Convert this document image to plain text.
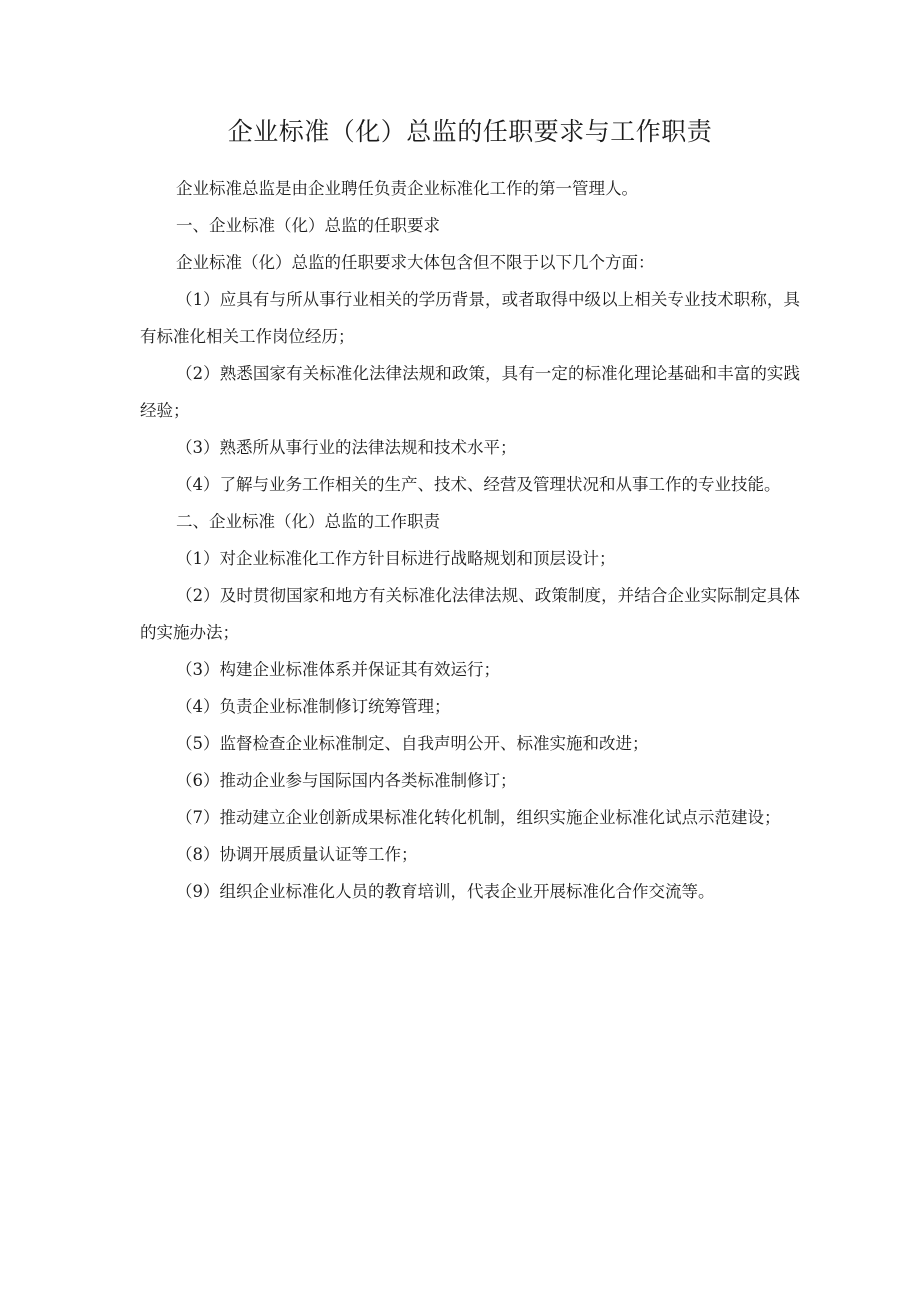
企业标准（化）总监的任职要求与工作职责

企业标准总监是由企业聘任负责企业标准化工作的第一管理人。

一、企业标准（化）总监的任职要求

企业标准（化）总监的任职要求大体包含但不限于以下几个方面：

（1）应具有与所从事行业相关的学历背景，或者取得中级以上相关专业技术职称，具有标准化相关工作岗位经历；

（2）熟悉国家有关标准化法律法规和政策，具有一定的标准化理论基础和丰富的实践经验；

（3）熟悉所从事行业的法律法规和技术水平；

（4）了解与业务工作相关的生产、技术、经营及管理状况和从事工作的专业技能。

二、企业标准（化）总监的工作职责

（1）对企业标准化工作方针目标进行战略规划和顶层设计；

（2）及时贯彻国家和地方有关标准化法律法规、政策制度，并结合企业实际制定具体的实施办法；

（3）构建企业标准体系并保证其有效运行；

（4）负责企业标准制修订统筹管理；

（5）监督检查企业标准制定、自我声明公开、标准实施和改进；

（6）推动企业参与国际国内各类标准制修订；

（7）推动建立企业创新成果标准化转化机制，组织实施企业标准化试点示范建设；

（8）协调开展质量认证等工作；

（9）组织企业标准化人员的教育培训，代表企业开展标准化合作交流等。
